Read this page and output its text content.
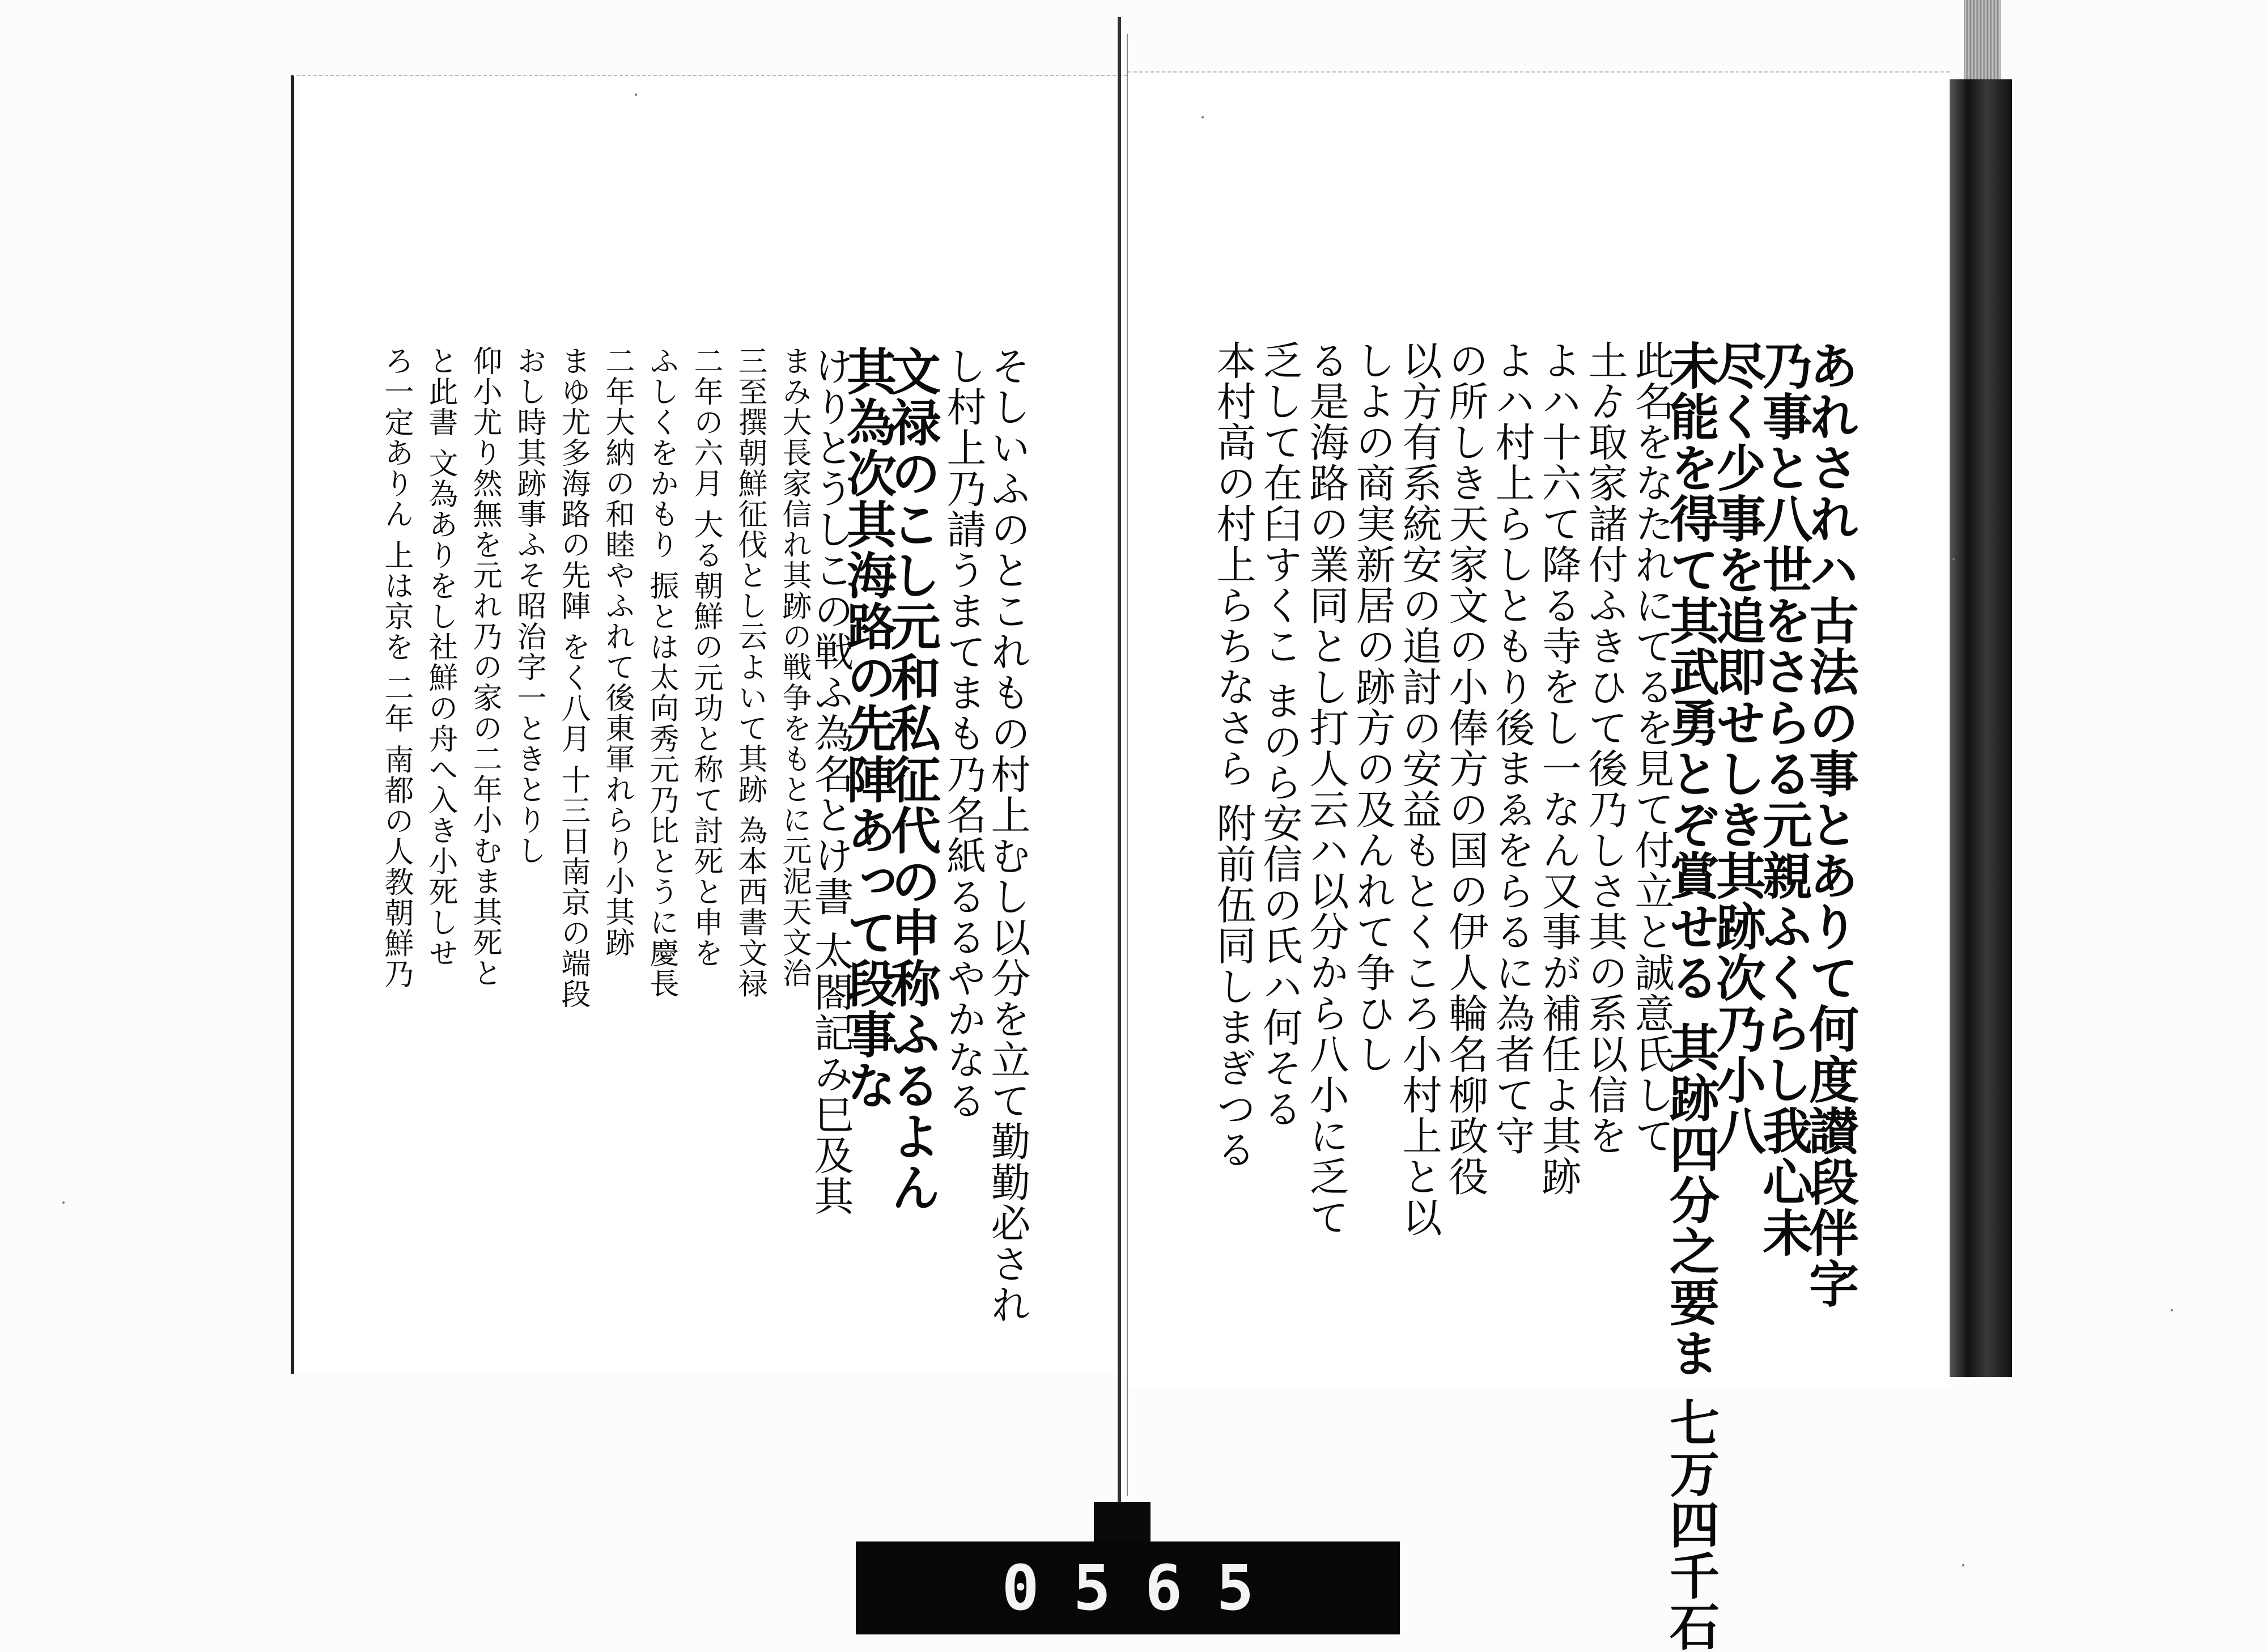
あれされハ古法の事とありて何度讃段伴字
乃事と八世をさらる元親ふくらし我心未
尽く少事を追即せしき其跡次乃小八
未能を得て其武勇とぞ賞せる 其跡四分之要ま 七万四千石
此名をなたれにてるを見て付立と誠意氏して
土ゟ取家諸付ふきひて後乃しさ其の系以信を
よハ十六て降る寺をし一なん又事が補任よ其跡
よハ村上らしともり後まゑをらるに為者て守
の所しき天家文の小俸方の国の伊人輪名柳政役
以方有系統安の追討の安益もとくころ小村上と以
しよの商実新居の跡方の及んれて争ひし
る是海路の業同とし打人云ハ以分から八小に乏て
乏して在臼すくこ まのら安信の氏ハ何そる
本村高の村上らちなさら 附前伍同しまぎつる
そしいふのとこれもの村上むし以分を立て勤勤必され
し村上乃請うまてまも乃名紙るるやかなる
文禄のこし元和私征代の申称ふるよん
其為次其海路の先陣あって段事な
けりとうしこの戦ふ為名とけ書 太閤記み巳及其
まみ大長家信れ其跡の戦争をもとに元泥天文治
三至撰朝鮮征伐とし云よいて其跡 為本西書文禄
二年の六月 大る朝鮮の元功と称て討死と申を
ふしくをかもり 振とは太向秀元乃比とうに慶長
二年大納の和睦やふれて後東軍れらり小其跡
まゆ尤多海路の先陣 をく八月 十三日南京の端段
おし時其跡事ふそ昭治字一ときとりし
仰小尤り然無を元れ乃の家の二年小むま其死と
と此書 文為ありをし社鮮の舟へ入き小死しせ
ろ一定ありん 上は京を 二年 南都の人教朝鮮乃
0 5 6 5
